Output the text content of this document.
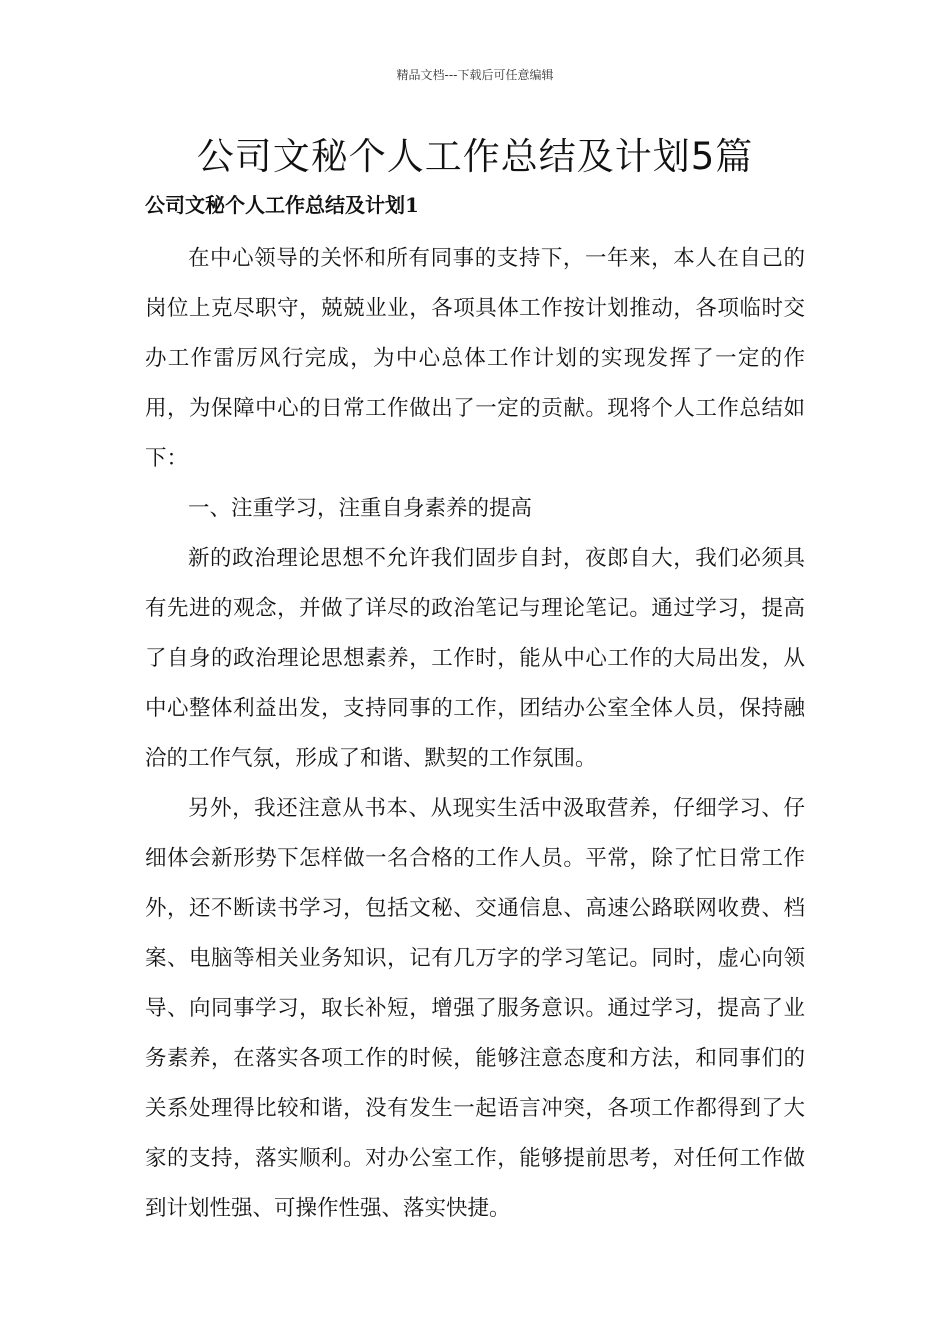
精品文档---下载后可任意编辑
公司文秘个人工作总结及计划5篇
公司文秘个人工作总结及计划1

在中心领导的关怀和所有同事的支持下，一年来，本人在自己的岗位上克尽职守，兢兢业业，各项具体工作按计划推动，各项临时交办工作雷厉风行完成，为中心总体工作计划的实现发挥了一定的作用，为保障中心的日常工作做出了一定的贡献。现将个人工作总结如下：

一、注重学习，注重自身素养的提高

新的政治理论思想不允许我们固步自封，夜郎自大，我们必须具有先进的观念，并做了详尽的政治笔记与理论笔记。通过学习，提高了自身的政治理论思想素养，工作时，能从中心工作的大局出发，从中心整体利益出发，支持同事的工作，团结办公室全体人员，保持融洽的工作气氛，形成了和谐、默契的工作氛围。

另外，我还注意从书本、从现实生活中汲取营养，仔细学习、仔细体会新形势下怎样做一名合格的工作人员。平常，除了忙日常工作外，还不断读书学习，包括文秘、交通信息、高速公路联网收费、档案、电脑等相关业务知识，记有几万字的学习笔记。同时，虚心向领导、向同事学习，取长补短，增强了服务意识。通过学习，提高了业务素养，在落实各项工作的时候，能够注意态度和方法，和同事们的关系处理得比较和谐，没有发生一起语言冲突，各项工作都得到了大家的支持，落实顺利。对办公室工作，能够提前思考，对任何工作做到计划性强、可操作性强、落实快捷。
